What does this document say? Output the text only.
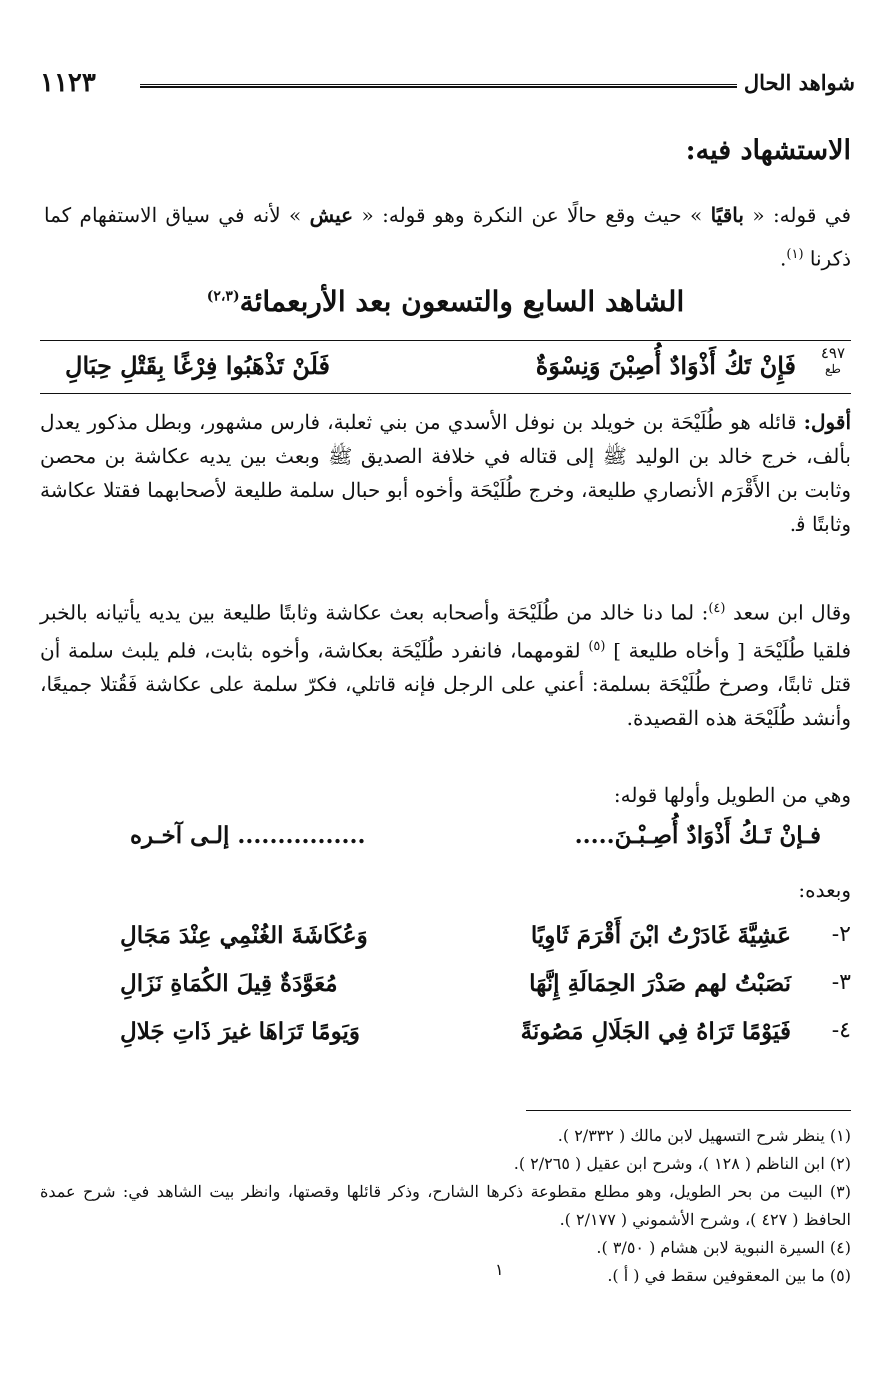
شواهد الحال
١١٢٣
الاستشهاد فيه:
في قوله: « باقيًا » حيث وقع حالًا عن النكرة وهو قوله: « عيش » لأنه في سياق الاستفهام كما ذكرنا $^{(١)}$.
الشاهد السابع والتسعون بعد الأربعمائة$^{(٢،٣)}$
٤٩٧
طع
فَإِنْ تَكُ أَذْوَادٌ أُصِبْنَ وَنِسْوَةٌ
فَلَنْ تَذْهَبُوا فِرْغًا بِقَتْلِ حِبَالِ
أقول: قائله هو طُلَيْحَة بن خويلد بن نوفل الأسدي من بني ثعلبة، فارس مشهور، وبطل مذكور يعدل بألف، خرج خالد بن الوليد ﷺ إلى قتاله في خلافة الصديق ﷺ وبعث بين يديه عكاشة بن محصن وثابت بن الأَقْرَم الأنصاري طليعة، وخرج طُلَيْحَة وأخوه أبو حبال سلمة طليعة لأصحابهما فقتلا عكاشة وثابتًا ﭬ.
وقال ابن سعد $^{(٤)}$: لما دنا خالد من طُلَيْحَة وأصحابه بعث عكاشة وثابتًا طليعة بين يديه يأتيانه بالخبر فلقيا طُلَيْحَة [ وأخاه طليعة ] $^{(٥)}$ لقومهما، فانفرد طُلَيْحَة بعكاشة، وأخوه بثابت، فلم يلبث سلمة أن قتل ثابتًا، وصرخ طُلَيْحَة بسلمة: أعني على الرجل فإنه قاتلي، فكرّ سلمة على عكاشة فَقُتلا جميعًا، وأنشد طُلَيْحَة هذه القصيدة.
وهي من الطويل وأولها قوله:
فـإنْ تَـكُ أَذْوَادٌ أُصِـبْـنَ.....
................ إلـى آخـره
وبعده:
٢-
عَشِيَّةَ غَادَرْتُ ابْنَ أَقْرَمَ ثَاوِيًا
وَعُكَاشَةَ الغُنْمِي عِنْدَ مَجَالِ
٣-
نَصَبْتُ لهم صَدْرَ الحِمَالَةِ إِنَّهَا
مُعَوَّدَةٌ قِيلَ الكُمَاةِ نَزَالِ
٤-
فَيَوْمًا تَرَاهُ فِي الجَلَالِ مَصُونَةً
وَيَومًا تَرَاهَا غيرَ ذَاتِ جَلالِ
(١) ينظر شرح التسهيل لابن مالك ( ٢/٣٣٢ ).
(٢) ابن الناظم ( ١٢٨ )، وشرح ابن عقيل ( ٢/٢٦٥ ).
(٣) البيت من بحر الطويل، وهو مطلع مقطوعة ذكرها الشارح، وذكر قائلها وقصتها، وانظر بيت الشاهد في: شرح عمدة الحافظ ( ٤٢٧ )، وشرح الأشموني ( ٢/١٧٧ ).
(٤) السيرة النبوية لابن هشام ( ٣/٥٠ ).
(٥) ما بين المعقوفين سقط في ( أ ).
١
